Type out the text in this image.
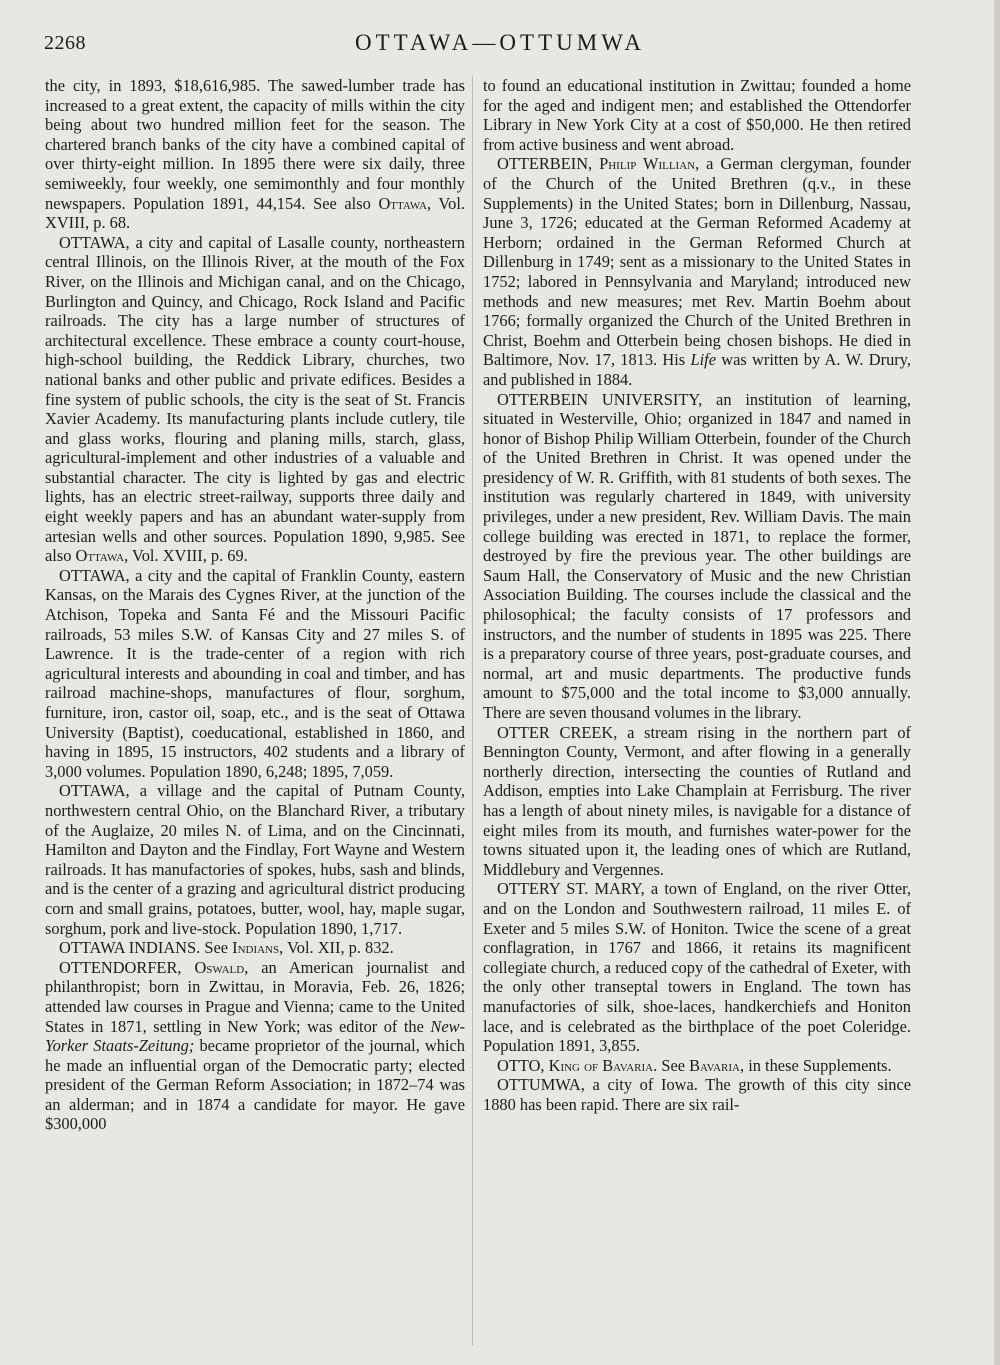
2268	OTTAWA—OTTUMWA

the city, in 1893, $18,616,985. The sawed-lumber trade has increased to a great extent, the capacity of mills within the city being about two hundred million feet for the season. The chartered branch banks of the city have a combined capital of over thirty-eight million. In 1895 there were six daily, three semiweekly, four weekly, one semimonthly and four monthly newspapers. Population 1891, 44,154. See also Ottawa, Vol. XVIII, p. 68.

OTTAWA, a city and capital of Lasalle county, northeastern central Illinois, on the Illinois River, at the mouth of the Fox River, on the Illinois and Michigan canal, and on the Chicago, Burlington and Quincy, and Chicago, Rock Island and Pacific railroads. The city has a large number of structures of architectural excellence. These embrace a county court-house, high-school building, the Reddick Library, churches, two national banks and other public and private edifices. Besides a fine system of public schools, the city is the seat of St. Francis Xavier Academy. Its manufacturing plants include cutlery, tile and glass works, flouring and planing mills, starch, glass, agricultural-implement and other industries of a valuable and substantial character. The city is lighted by gas and electric lights, has an electric street-railway, supports three daily and eight weekly papers and has an abundant water-supply from artesian wells and other sources. Population 1890, 9,985. See also Ottawa, Vol. XVIII, p. 69.

OTTAWA, a city and the capital of Franklin County, eastern Kansas, on the Marais des Cygnes River, at the junction of the Atchison, Topeka and Santa Fé and the Missouri Pacific railroads, 53 miles S.W. of Kansas City and 27 miles S. of Lawrence. It is the trade-center of a region with rich agricultural interests and abounding in coal and timber, and has railroad machine-shops, manufactures of flour, sorghum, furniture, iron, castor oil, soap, etc., and is the seat of Ottawa University (Baptist), coeducational, established in 1860, and having in 1895, 15 instructors, 402 students and a library of 3,000 volumes. Population 1890, 6,248; 1895, 7,059.

OTTAWA, a village and the capital of Putnam County, northwestern central Ohio, on the Blanchard River, a tributary of the Auglaize, 20 miles N. of Lima, and on the Cincinnati, Hamilton and Dayton and the Findlay, Fort Wayne and Western railroads. It has manufactories of spokes, hubs, sash and blinds, and is the center of a grazing and agricultural district producing corn and small grains, potatoes, butter, wool, hay, maple sugar, sorghum, pork and live-stock. Population 1890, 1,717.

OTTAWA INDIANS. See Indians, Vol. XII, p. 832.

OTTENDORFER, Oswald, an American journalist and philanthropist; born in Zwittau, in Moravia, Feb. 26, 1826; attended law courses in Prague and Vienna; came to the United States in 1871, settling in New York; was editor of the New-Yorker Staats-Zeitung; became proprietor of the journal, which he made an influential organ of the Democratic party; elected president of the German Reform Association; in 1872–74 was an alderman; and in 1874 a candidate for mayor. He gave $300,000

to found an educational institution in Zwittau; founded a home for the aged and indigent men; and established the Ottendorfer Library in New York City at a cost of $50,000. He then retired from active business and went abroad.

OTTERBEIN, Philip Willian, a German clergyman, founder of the Church of the United Brethren (q.v., in these Supplements) in the United States; born in Dillenburg, Nassau, June 3, 1726; educated at the German Reformed Academy at Herborn; ordained in the German Reformed Church at Dillenburg in 1749; sent as a missionary to the United States in 1752; labored in Pennsylvania and Maryland; introduced new methods and new measures; met Rev. Martin Boehm about 1766; formally organized the Church of the United Brethren in Christ, Boehm and Otterbein being chosen bishops. He died in Baltimore, Nov. 17, 1813. His Life was written by A. W. Drury, and published in 1884.

OTTERBEIN UNIVERSITY, an institution of learning, situated in Westerville, Ohio; organized in 1847 and named in honor of Bishop Philip William Otterbein, founder of the Church of the United Brethren in Christ. It was opened under the presidency of W. R. Griffith, with 81 students of both sexes. The institution was regularly chartered in 1849, with university privileges, under a new president, Rev. William Davis. The main college building was erected in 1871, to replace the former, destroyed by fire the previous year. The other buildings are Saum Hall, the Conservatory of Music and the new Christian Association Building. The courses include the classical and the philosophical; the faculty consists of 17 professors and instructors, and the number of students in 1895 was 225. There is a preparatory course of three years, post-graduate courses, and normal, art and music departments. The productive funds amount to $75,000 and the total income to $3,000 annually. There are seven thousand volumes in the library.

OTTER CREEK, a stream rising in the northern part of Bennington County, Vermont, and after flowing in a generally northerly direction, intersecting the counties of Rutland and Addison, empties into Lake Champlain at Ferrisburg. The river has a length of about ninety miles, is navigable for a distance of eight miles from its mouth, and furnishes water-power for the towns situated upon it, the leading ones of which are Rutland, Middlebury and Vergennes.

OTTERY ST. MARY, a town of England, on the river Otter, and on the London and Southwestern railroad, 11 miles E. of Exeter and 5 miles S.W. of Honiton. Twice the scene of a great conflagration, in 1767 and 1866, it retains its magnificent collegiate church, a reduced copy of the cathedral of Exeter, with the only other transeptal towers in England. The town has manufactories of silk, shoe-laces, handkerchiefs and Honiton lace, and is celebrated as the birthplace of the poet Coleridge. Population 1891, 3,855.

OTTO, King of Bavaria. See Bavaria, in these Supplements.

OTTUMWA, a city of Iowa. The growth of this city since 1880 has been rapid. There are six rail-
